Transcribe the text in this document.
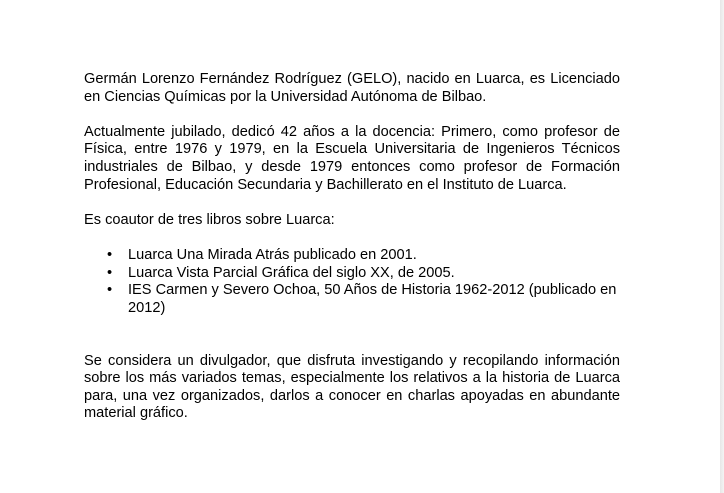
Germán Lorenzo Fernández Rodríguez (GELO), nacido en Luarca, es Licenciado en Ciencias Químicas por la Universidad Autónoma de Bilbao.

Actualmente jubilado, dedicó 42 años a la docencia: Primero, como profesor de Física, entre 1976 y 1979, en la Escuela Universitaria de Ingenieros Técnicos industriales de Bilbao, y desde 1979 entonces como profesor de Formación Profesional, Educación Secundaria y Bachillerato en el Instituto de Luarca.

Es coautor de tres libros sobre Luarca:

• Luarca Una Mirada Atrás publicado en 2001.
• Luarca Vista Parcial Gráfica del siglo XX, de 2005.
• IES Carmen y Severo Ochoa, 50 Años de Historia 1962-2012 (publicado en 2012)

Se considera un divulgador, que disfruta investigando y recopilando información sobre los más variados temas, especialmente los relativos a la historia de Luarca para, una vez organizados, darlos a conocer en charlas apoyadas en abundante material gráfico.
